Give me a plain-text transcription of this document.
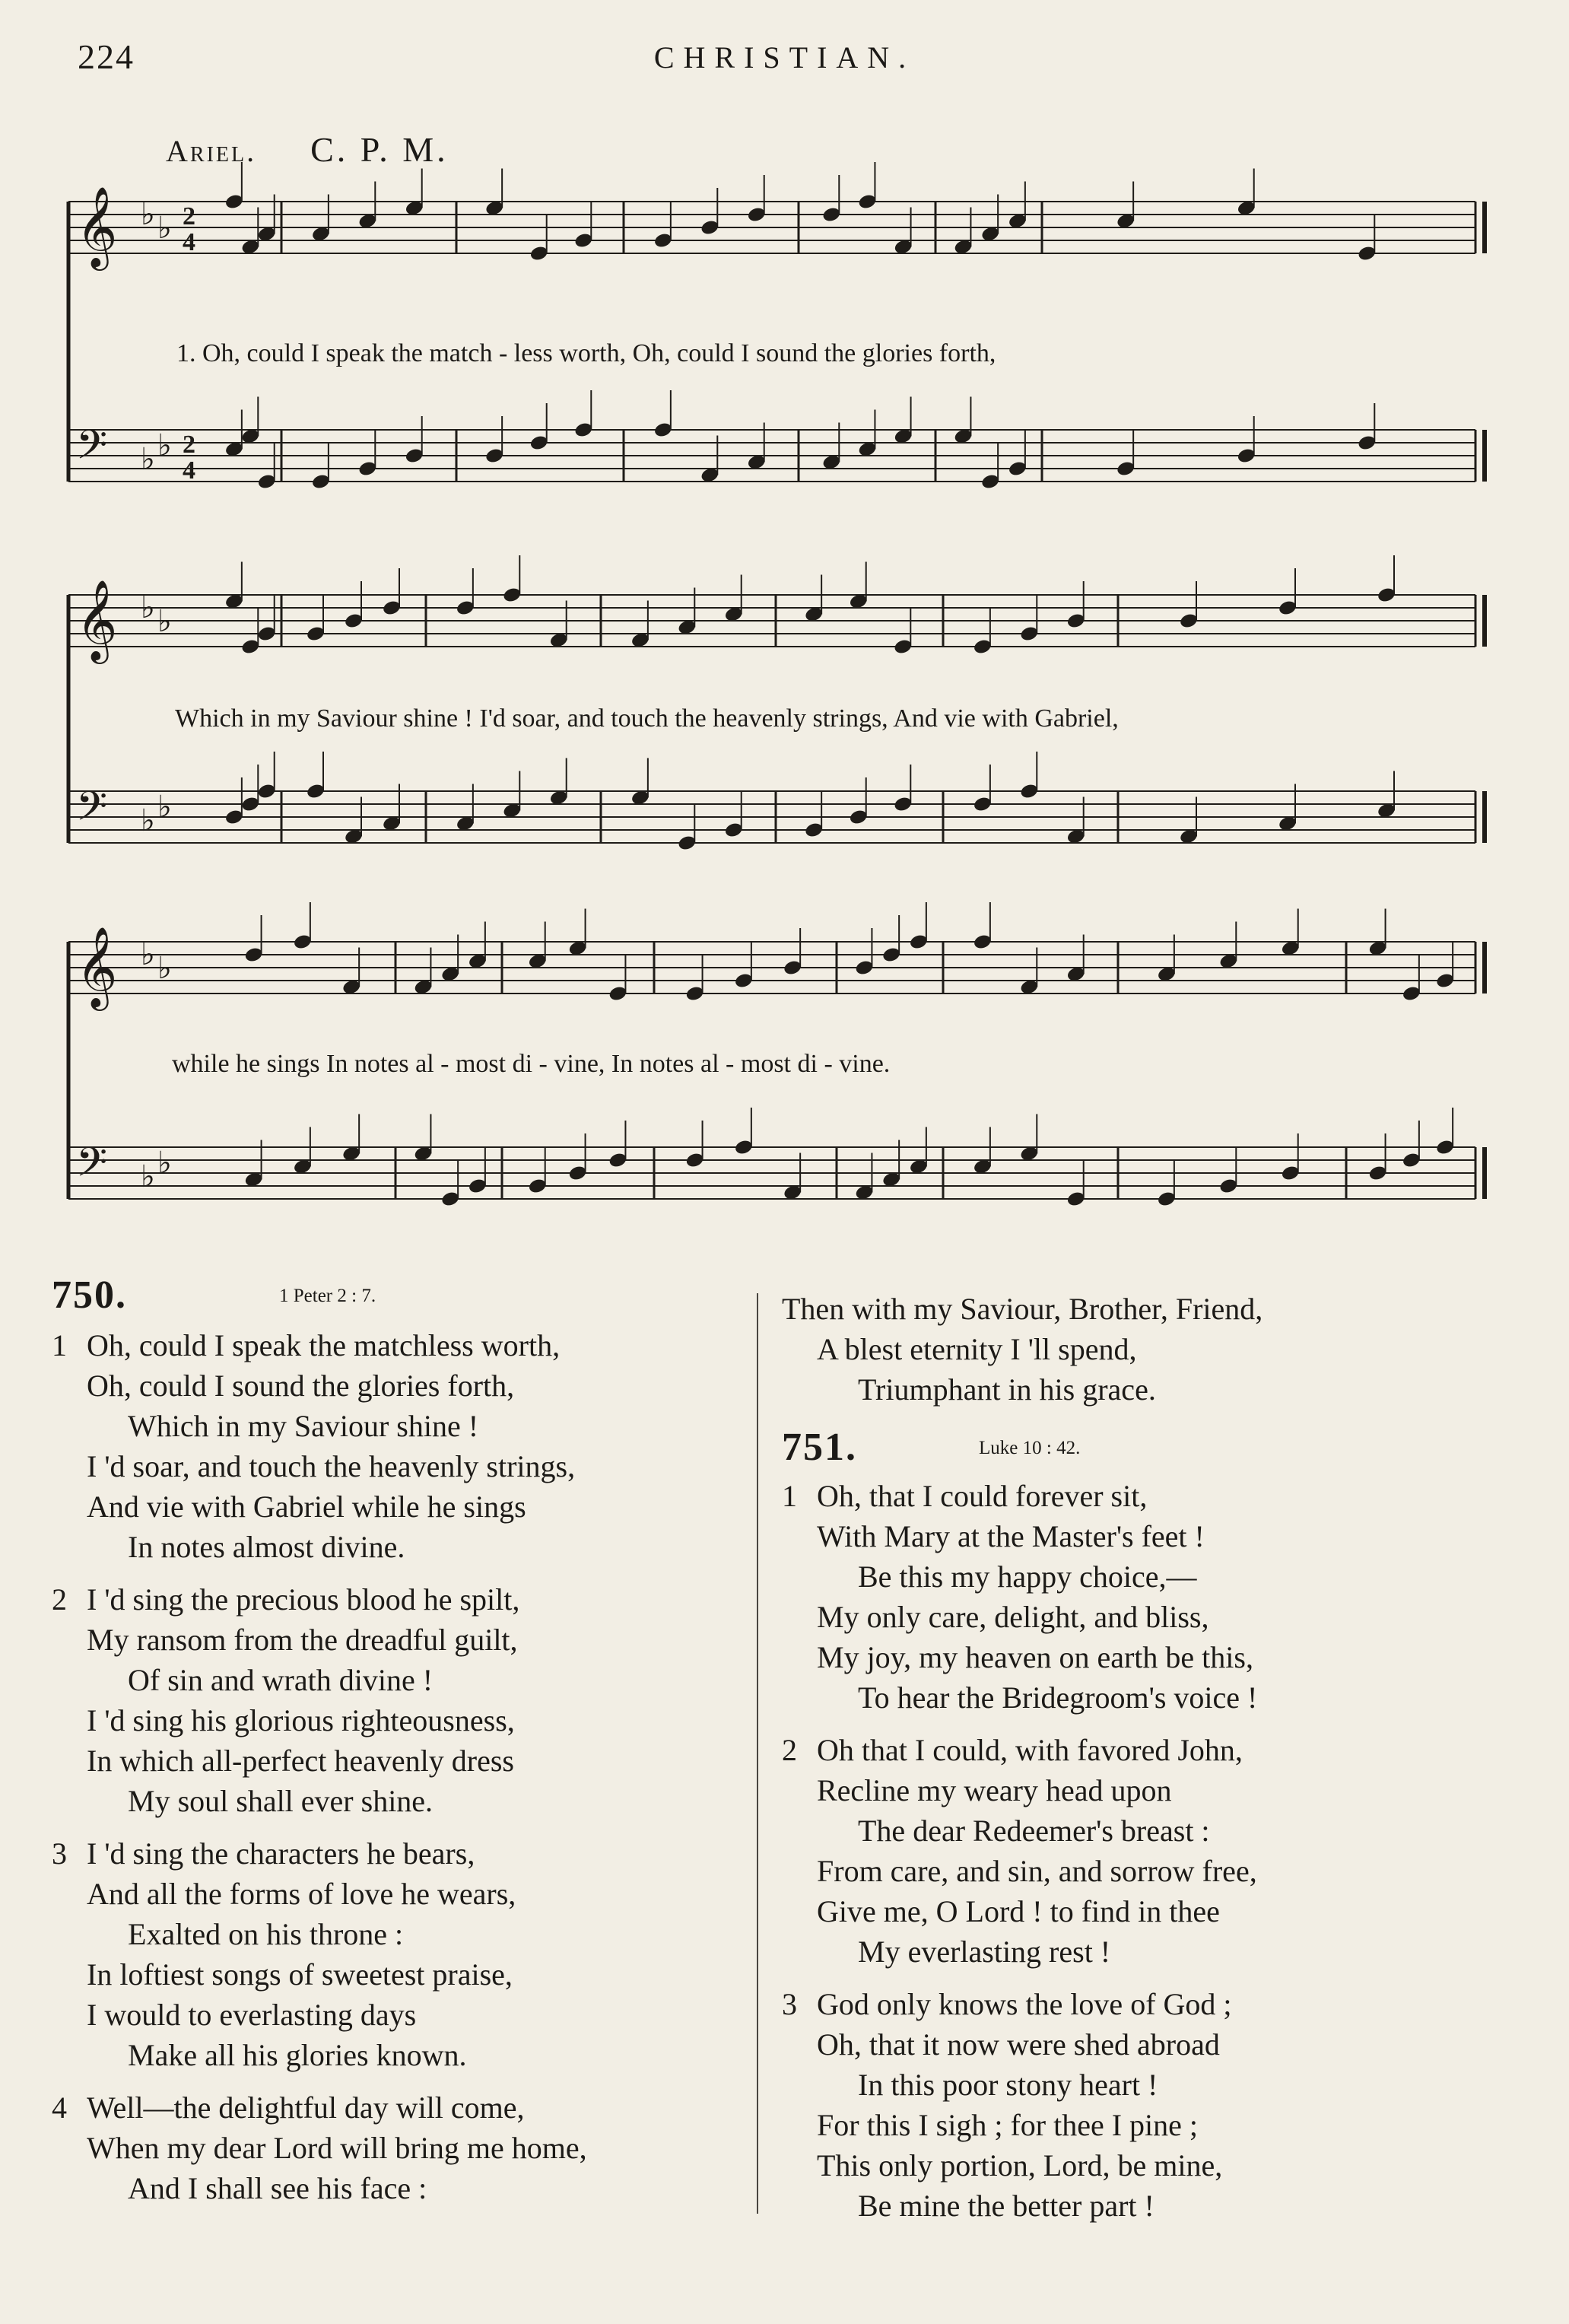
224	CHRISTIAN.
Ariel. C. P. M.
𝄞 ♭ ♭ 2
4
𝄢 ♭ ♭ 2
4
𝄞 ♭ ♭
𝄢 ♭ ♭
𝄞 ♭ ♭
𝄢 ♭ ♭
1. Oh, could I speak the match - less worth, Oh, could I sound the glories forth,
Which in my Saviour shine ! I'd soar, and touch the heavenly strings, And vie with Gabriel,
while he sings In notes al - most di - vine, In notes al - most di - vine.
750.	$^{1 Peter 2 : 7.}$
1 Oh, could I speak the matchless worth,
Oh, could I sound the glories forth,
Which in my Saviour shine !
I 'd soar, and touch the heavenly strings,
And vie with Gabriel while he sings
In notes almost divine.
2 I 'd sing the precious blood he spilt,
My ransom from the dreadful guilt,
Of sin and wrath divine !
I 'd sing his glorious righteousness,
In which all-perfect heavenly dress
My soul shall ever shine.
3 I 'd sing the characters he bears,
And all the forms of love he wears,
Exalted on his throne :
In loftiest songs of sweetest praise,
I would to everlasting days
Make all his glories known.
4 Well—the delightful day will come,
When my dear Lord will bring me home,
And I shall see his face :
Then with my Saviour, Brother, Friend,
A blest eternity I 'll spend,
Triumphant in his grace.
751.	$^{Luke 10 : 42.}$
1 Oh, that I could forever sit,
With Mary at the Master's feet !
Be this my happy choice,—
My only care, delight, and bliss,
My joy, my heaven on earth be this,
To hear the Bridegroom's voice !
2 Oh that I could, with favored John,
Recline my weary head upon
The dear Redeemer's breast :
From care, and sin, and sorrow free,
Give me, O Lord ! to find in thee
My everlasting rest !
3 God only knows the love of God ;
Oh, that it now were shed abroad
In this poor stony heart !
For this I sigh ; for thee I pine ;
This only portion, Lord, be mine,
Be mine the better part !
